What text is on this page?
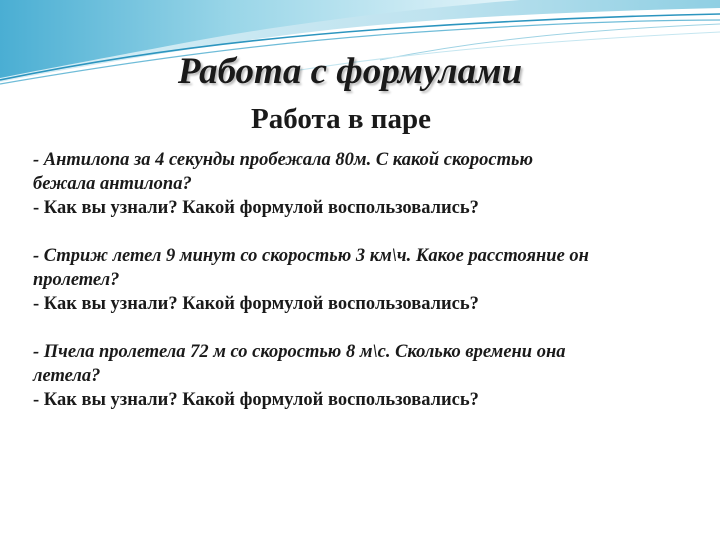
Работа с формулами
Работа в паре
- Антилопа за 4 секунды пробежала 80м. С какой скоростью бежала антилопа?
- Как вы узнали? Какой формулой воспользовались?
- Стриж летел 9 минут со скоростью 3 км\ч. Какое расстояние он пролетел?
- Как вы узнали? Какой формулой воспользовались?
- Пчела пролетела 72 м со скоростью 8 м\с. Сколько времени она летела?
- Как вы узнали? Какой формулой воспользовались?
